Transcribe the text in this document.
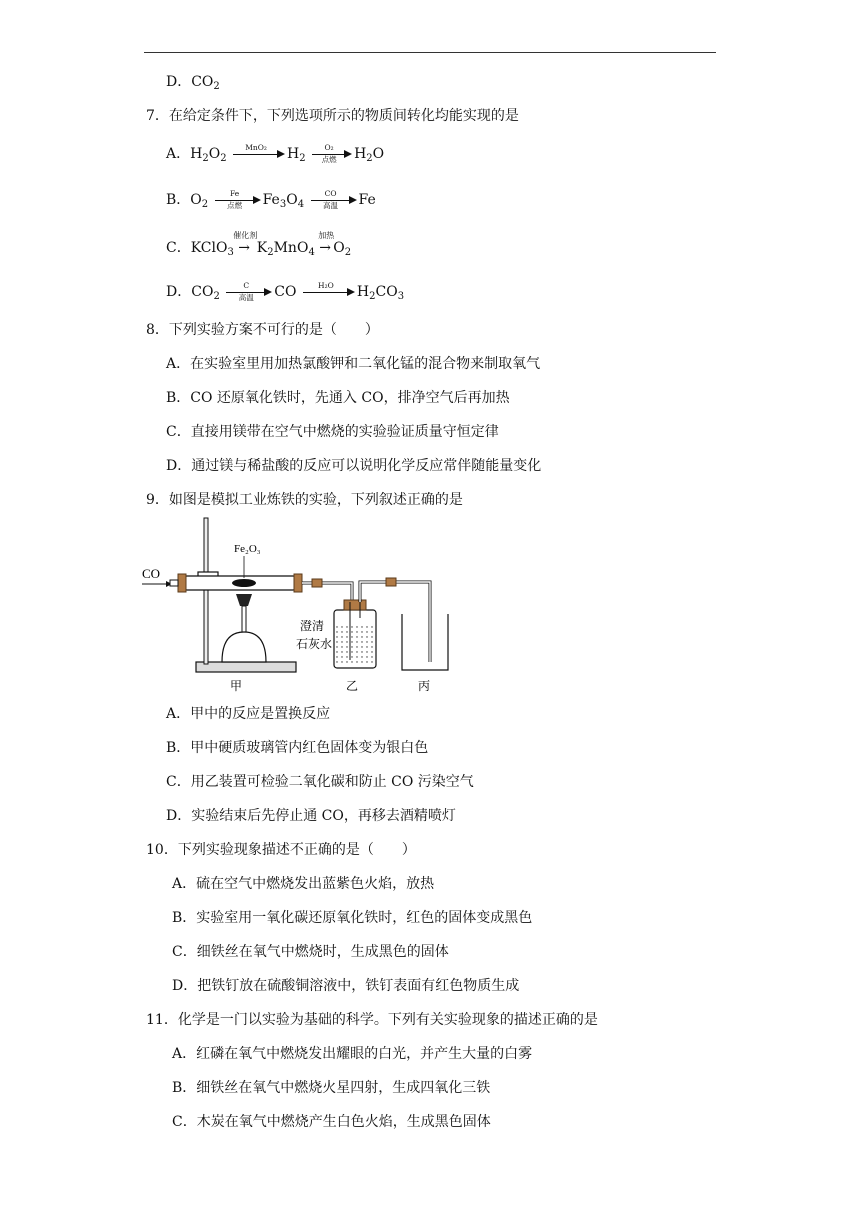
D．$CO_2$
7．在给定条件下，下列选项所示的物质间转化均能实现的是
A．$H_2O_2$
MnO₂	$H_2$
O₂
点燃	$H_2O$
B．$O_2$
Fe
点燃	$Fe_3O_4$
CO
高温	Fe
C．KClO$_3$
催化剂
→ $K_2MnO_4$
加热
→ $O_2$
D．$CO_2$
C
高温	CO	H₂O	$H_2CO_3$
8．下列实验方案不可行的是（　　）
A．在实验室里用加热氯酸钾和二氧化锰的混合物来制取氧气
B．CO 还原氧化铁时，先通入 CO，排净空气后再加热
C．直接用镁带在空气中燃烧的实验验证质量守恒定律
D．通过镁与稀盐酸的反应可以说明化学反应常伴随能量变化
9．如图是模拟工业炼铁的实验，下列叙述正确的是
CO
Fe₂O₃
澄清
石灰水
甲	乙	丙
A．甲中的反应是置换反应
B．甲中硬质玻璃管内红色固体变为银白色
C．用乙装置可检验二氧化碳和防止 CO 污染空气
D．实验结束后先停止通 CO，再移去酒精喷灯
10．下列实验现象描述不正确的是（　　）
A．硫在空气中燃烧发出蓝紫色火焰，放热
B．实验室用一氧化碳还原氧化铁时，红色的固体变成黑色
C．细铁丝在氧气中燃烧时，生成黑色的固体
D．把铁钉放在硫酸铜溶液中，铁钉表面有红色物质生成
11．化学是一门以实验为基础的科学。下列有关实验现象的描述正确的是
A．红磷在氧气中燃烧发出耀眼的白光，并产生大量的白雾
B．细铁丝在氧气中燃烧火星四射，生成四氧化三铁
C．木炭在氧气中燃烧产生白色火焰，生成黑色固体
